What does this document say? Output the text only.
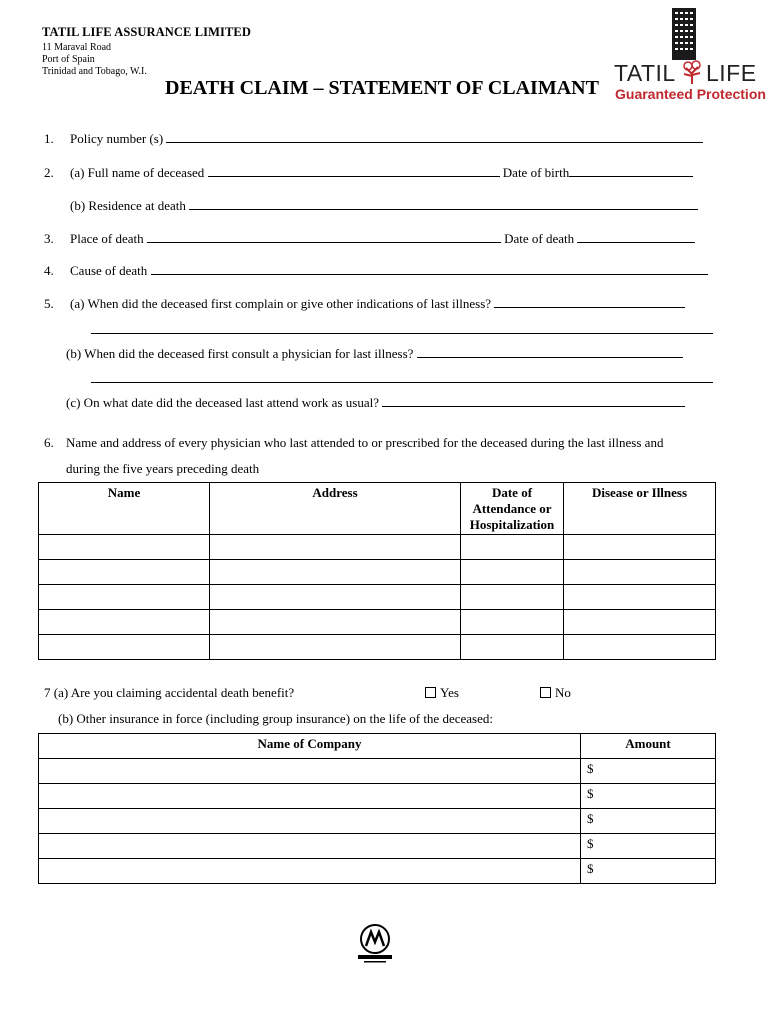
TATIL LIFE ASSURANCE LIMITED
11 Maraval Road
Port of Spain
Trinidad and Tobago, W.I.
DEATH CLAIM – STATEMENT OF CLAIMANT
TATIL LIFE
Guaranteed Protection
1. Policy number (s)
2. (a) Full name of deceased	Date of birth
(b) Residence at death
3. Place of death	Date of death
4. Cause of death
5. (a) When did the deceased first complain or give other indications of last illness?
(b) When did the deceased first consult a physician for last illness?
(c) On what date did the deceased last attend work as usual?
6. Name and address of every physician who last attended to or prescribed for the deceased during the last illness and
during the five years preceding death
Name	Address	Date of Attendance or Hospitalization	Disease or Illness

7 (a) Are you claiming accidental death benefit?	Yes	No
(b) Other insurance in force (including group insurance) on the life of the deceased:
Name of Company	Amount
	$
	$
	$
	$
	$
